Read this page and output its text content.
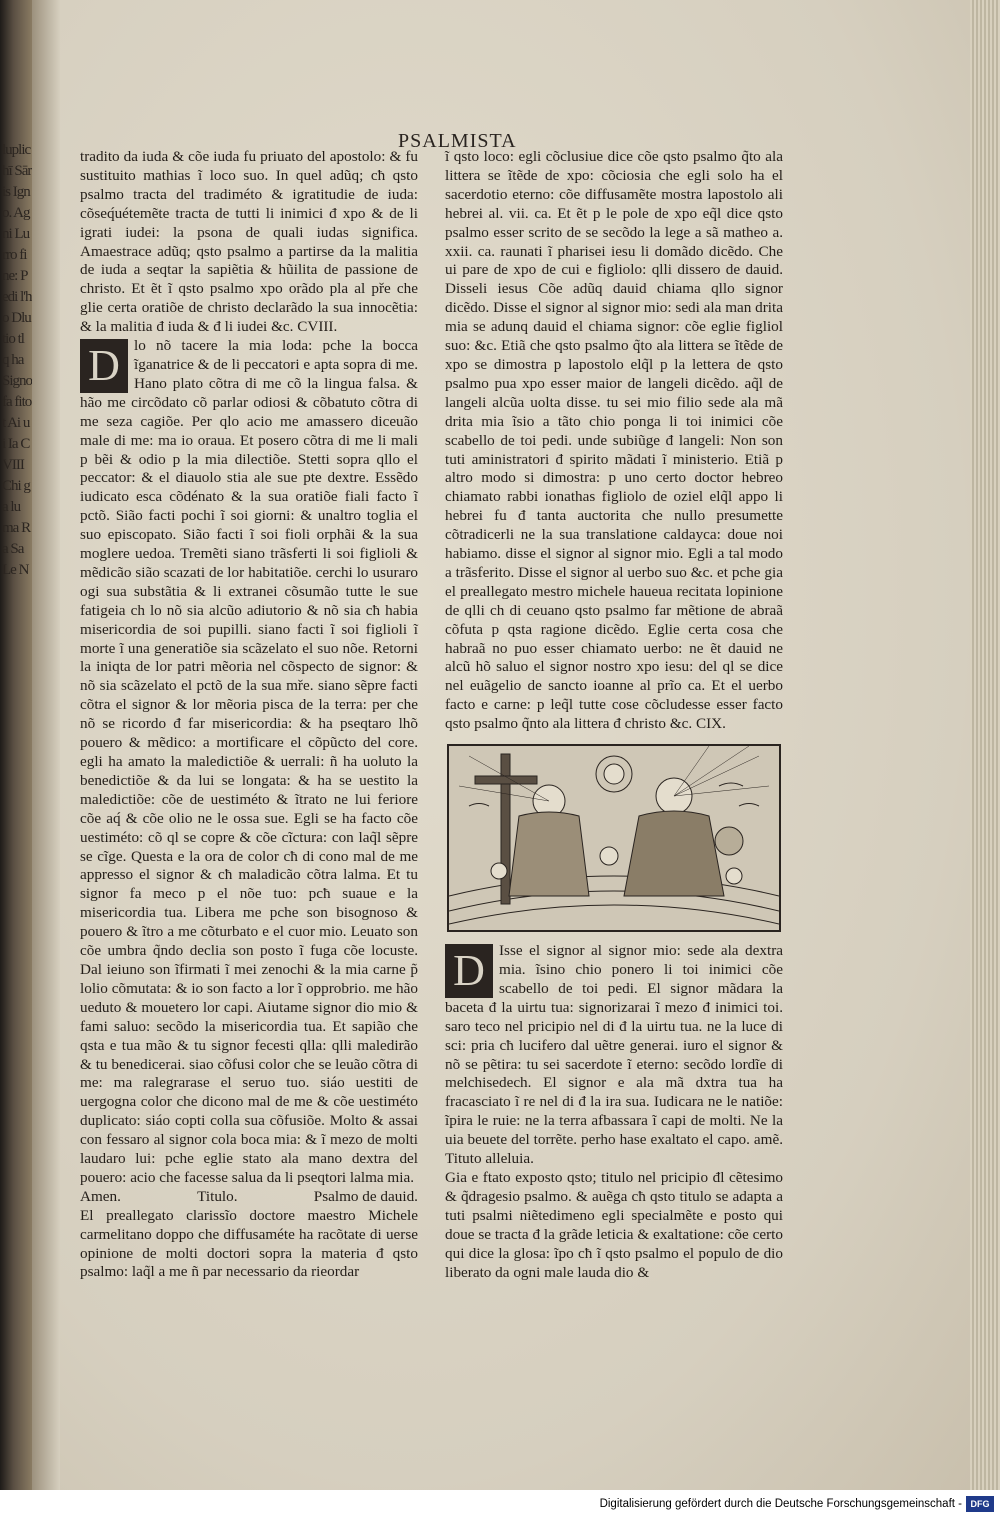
luplichī Sāris Igno. Agni Lurro fine: Pedi l'ho Dlutio tl q ha Signo fa fito t Ai ui Ia CVIII Chi ga lu ma Ra Sa Le N
PSALMISTA

tradito da iuda & cõe iuda fu priuato del apostolo: & fu sustituito mathias ĩ loco suo. In quel adũq; cħ qsto psalmo tracta del tradiméto & igratitudie de iuda: cõseq́uétemẽte tracta de tutti li inimici đ xpo & de li igrati iudei: la psona de quali iudas significa. Amaestrace adũq; qsto psalmo a partirse da la malitia de iuda a seqtar la sapiẽtia & hũilita de passione de christo. Et ẽt ĩ qsto psalmo xpo orãdo pla al pře che glie certa oratiõe de christo declarãdo la sua innocẽtia: & la malitia đ iuda & đ li iudei &c. CVIII.

D lo nõ tacere la mia loda: pche la bocca ĩganatrice & de li peccatori e apta sopra di me. Hano plato cõtra di me cõ la lingua falsa. & hão me circõdato cõ parlar odiosi & cõbatuto cõtra di me seza cagiõe. Per qlo acio me amassero diceuão male di me: ma io oraua. Et posero cõtra di me li mali p bẽi & odio p la mia dilectiõe. Stetti sopra qllo el peccator: & el diauolo stia ale sue pte dextre. Essẽdo iudicato esca cõdénato & la sua oratiõe fiali facto ĩ pctõ. Sião facti pochi ĩ soi giorni: & unaltro toglia el suo episcopato. Sião facti ĩ soi fioli orphãi & la sua moglere uedoa. Tremẽti siano trãsferti li soi figlioli & mẽdicão sião scazati de lor habitatiõe. cerchi lo usuraro ogi sua substãtia & li extranei cõsumão tutte le sue fatigeia ch lo nõ sia alcũo adiutorio & nõ sia cħ habia misericordia de soi pupilli. siano facti ĩ soi figlioli ĩ morte ĩ una generatiõe sia scãzelato el suo nõe. Retorni la iniqta de lor patri mẽoria nel cõspecto de signor: & nõ sia scãzelato el pctõ de la sua mře. siano sẽpre facti cõtra el signor & lor mẽoria pisca de la terra: per che nõ se ricordo đ far misericordia: & ha pseqtaro lhõ pouero & mẽdico: a mortificare el cõpũcto del core. egli ha amato la maledictiõe & uerrali: ñ ha uoluto la benedictiõe & da lui se longata: & ha se uestito la maledictiõe: cõe de uestiméto & ĩtrato ne lui feriore cõe aq́ & cõe olio ne le ossa sue. Egli se ha facto cõe uestiméto: cõ ql se copre & cõe cĩctura: con laq̃l sẽpre se cĩge. Questa e la ora de color cħ di cono mal de me appresso el signor & cħ maladicão cõtra lalma. Et tu signor fa meco p el nõe tuo: pcħ suaue e la misericordia tua. Libera me pche son bisognoso & pouero & ĩtro a me cõturbato e el cuor mio. Leuato son cõe umbra q̃ndo declia son posto ĩ fuga cõe locuste. Dal ieiuno son ĩfirmati ĩ mei zenochi & la mia carne p̃ lolio cõmutata: & io son facto a lor ĩ opprobrio. me hão ueduto & mouetero lor capi. Aiutame signor dio mio & fami saluo: secõdo la misericordia tua. Et sapião che qsta e tua mão & tu signor fecesti qlla: qlli maledirão & tu benedicerai. siao cõfusi color che se leuão cõtra di me: ma ralegrarase el seruo tuo. siáo uestiti de uergogna color che dicono mal de me & cõe uestiméto duplicato: siáo copti colla sua cõfusiõe. Molto & assai con fessaro al signor cola boca mia: & ĩ mezo de molti laudaro lui: pche eglie stato ala mano dextra del pouero: acio che facesse salua da li pseqtori lalma mia.

Amen.	Titulo.	Psalmo de dauid.

El preallegato clarissĩo doctore maestro Michele carmelitano doppo che diffusaméte ha racõtate di uerse opinione de molti doctori sopra la materia đ qsto psalmo: laq̃l a me ñ par necessario da rieordar

ĩ qsto loco: egli cõclusiue dice cõe qsto psalmo q̃to ala littera se ĩtẽde de xpo: cõciosia che egli solo ha el sacerdotio eterno: cõe diffusamẽte mostra lapostolo ali hebrei al. vii. ca. Et ẽt p le pole de xpo eq̃l dice qsto psalmo esser scrito de se secõdo la lege a sã matheo a. xxii. ca. raunati ĩ pharisei iesu li domãdo dicẽdo. Che ui pare de xpo de cui e figliolo: qlli dissero de dauid. Disseli iesus Cõe adũq dauid chiama qllo signor dicẽdo. Disse el signor al signor mio: sedi ala man drita mia se adunq dauid el chiama signor: cõe eglie figliol suo: &c. Etiã che qsto psalmo q̃to ala littera se ĩtẽde de xpo se dimostra p lapostolo elq̃l p la lettera de qsto psalmo pua xpo esser maior de langeli dicẽdo. aq̃l de langeli alcũa uolta disse. tu sei mio filio sede ala mã drita mia ĩsio a tãto chio ponga li toi inimici cõe scabello de toi pedi. unde subiũge đ langeli: Non son tuti aministratori đ spirito mãdati ĩ ministerio. Etiã p altro modo si dimostra: p uno certo doctor hebreo chiamato rabbi ionathas figliolo de oziel elq̃l appo li hebrei fu đ tanta auctorita che nullo presumette cõtradicerli ne la sua translatione caldayca: doue noi habiamo. disse el signor al signor mio. Egli a tal modo a trãsferito. Disse el signor al uerbo suo &c. et pche gia el preallegato mestro michele haueua recitata lopinione de qlli ch di ceuano qsto psalmo far mẽtione de abraã cõfuta p qsta ragione dicẽdo. Eglie certa cosa che habraã no puo esser chiamato uerbo: ne ẽt dauid ne alcũ hõ saluo el signor nostro xpo iesu: del ql se dice nel euãgelio de sancto ioanne al prĩo ca. Et el uerbo facto e carne: p leq̃l tutte cose cõcludesse esser facto qsto psalmo q̃nto ala littera đ christo &c. CIX.

D Isse el signor al signor mio: sede ala dextra mia. ĩsino chio ponero li toi inimici cõe scabello de toi pedi. El signor mãdara la baceta đ la uirtu tua: signorizarai ĩ mezo đ inimici toi. saro teco nel pricipio nel di đ la uirtu tua. ne la luce di sci: pria cħ lucifero dal uẽtre generai. iuro el signor & nõ se pẽtira: tu sei sacerdote ĩ eterno: secõdo lordĩe di melchisedech. El signor e ala mã dxtra tua ha fracasciato ĩ re nel di đ la ira sua. Iudicara ne le natiõe: ĩpira le ruie: ne la terra afbassara ĩ capi de molti. Ne la uia beuete del torrẽte. perho hase exaltato el capo. amẽ. Tituto alleluia.

Gia e ftato exposto qsto; titulo nel pricipio đl cẽtesimo & q̃dragesio psalmo. & auẽga cħ qsto titulo se adapta a tuti psalmi niẽtedimeno egli specialmẽte e posto qui doue se tracta đ la grãde leticia & exaltatione: cõe certo qui dice la glosa: ĩpo cħ ĩ qsto psalmo el populo de dio liberato da ogni male lauda dio &

Digitalisierung gefördert durch die Deutsche Forschungsgemeinschaft - DFG
